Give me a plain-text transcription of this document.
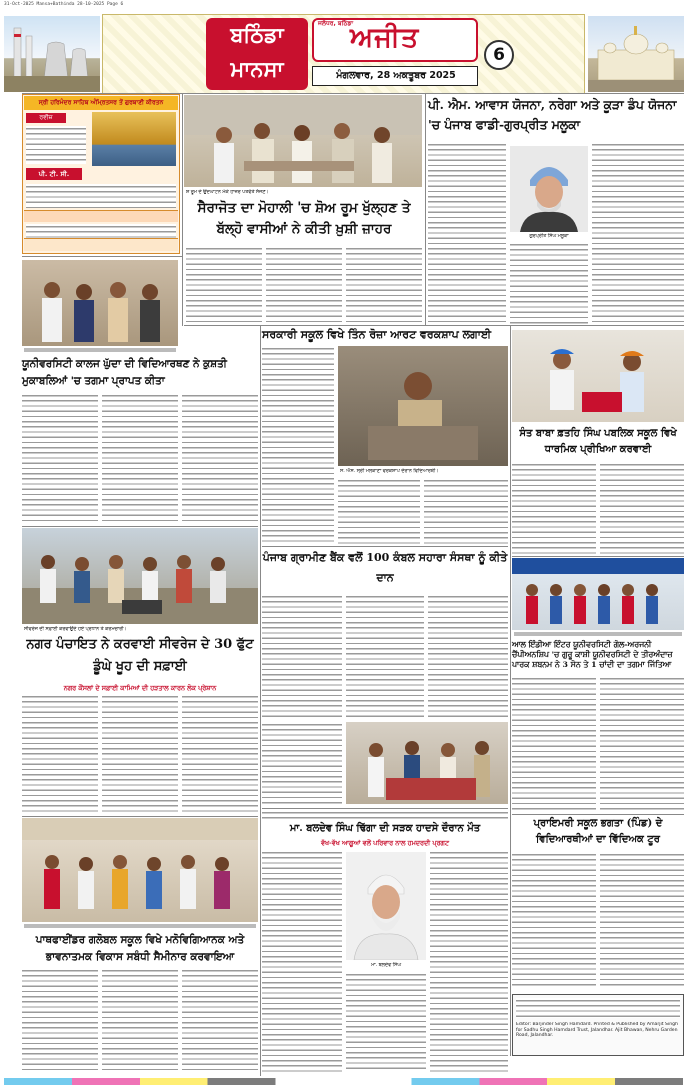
31-Oct-2025 Mansa+Bathinda 28-10-2025 Page 6
ਬਠਿੰਡਾ
ਮਾਨਸਾ
ਜਲੰਧਰ, ਬਠਿੰਡਾ
ਅਜੀਤ
ਮੰਗਲਵਾਰ, 28 ਅਕਤੂਬਰ 2025
6
ਸ੍ਰੀ ਹਰਿਮੰਦਰ ਸਾਹਿਬ ਅੰਮ੍ਰਿਤਸਰ ਤੋਂ ਗੁਰਬਾਣੀ ਕੀਰਤਨ
ਰਵੀਜ਼
ਪੀ. ਟੀ. ਸੀ.
ਸ਼ੋ ਰੂਮ ਦੇ ਉਦਘਾਟਨ ਮੌਕੇ ਹਾਜ਼ਰ ਪਤਵੰਤੇ ਸੱਜਣ।
ਸੈਰਾਜੋਤ ਦਾ ਮੋਹਾਲੀ 'ਚ ਸ਼ੋਅ ਰੂਮ ਖੁੱਲ੍ਹਣ ਤੇ ਬੱਲ੍ਹੋ ਵਾਸੀਆਂ ਨੇ ਕੀਤੀ ਖ਼ੁਸ਼ੀ ਜ਼ਾਹਰ
ਪੀ. ਐਮ. ਆਵਾਸ ਯੋਜਨਾ, ਨਰੇਗਾ ਅਤੇ ਕੂੜਾ ਡੰਪ ਯੋਜਨਾ 'ਚ ਪੰਜਾਬ ਫਾਡੀ-ਗੁਰਪ੍ਰੀਤ ਮਲੂਕਾ
ਗੁਰਪ੍ਰੀਤ ਸਿੰਘ ਮਲੂਕਾ
ਯੂਨੀਵਰਸਿਟੀ ਕਾਲਜ ਘੁੱਦਾ ਦੀ ਵਿਦਿਆਰਥਣ ਨੇ ਕੁਸ਼ਤੀ ਮੁਕਾਬਲਿਆਂ 'ਚ ਤਗਮਾ ਪ੍ਰਾਪਤ ਕੀਤਾ
ਸਰਕਾਰੀ ਸਕੂਲ ਵਿਖੇ ਤਿੰਨ ਰੋਜ਼ਾ ਆਰਟ ਵਰਕਸ਼ਾਪ ਲਗਾਈ
ਸ. ਐਸ. ਸ੍ਰੀ ਮਲਕਾਣਾ ਵਰਕਸ਼ਾਪ ਦੌਰਾਨ ਵਿਦਿਆਰਥੀ।
ਸੰਤ ਬਾਬਾ ਫ਼ਤਹਿ ਸਿੰਘ ਪਬਲਿਕ ਸਕੂਲ ਵਿਖੇ ਧਾਰਮਿਕ ਪ੍ਰੀਖਿਆ ਕਰਵਾਈ
ਸੀਵਰੇਜ ਦੀ ਸਫ਼ਾਈ ਕਰਵਾਉਂਦੇ ਹੋਏ ਪ੍ਰਧਾਨ ਤੇ ਕਰਮਚਾਰੀ।
ਪੰਜਾਬ ਗ੍ਰਾਮੀਣ ਬੈਂਕ ਵਲੋਂ 100 ਕੰਬਲ ਸਹਾਰਾ ਸੰਸਥਾ ਨੂੰ ਕੀਤੇ ਦਾਨ
ਨਗਰ ਪੰਚਾਇਤ ਨੇ ਕਰਵਾਈ ਸੀਵਰੇਜ ਦੇ 30 ਫੁੱਟ ਡੂੰਘੇ ਖੂਹ ਦੀ ਸਫ਼ਾਈ
ਨਗਰ ਕੌਂਸਲਾਂ ਦੇ ਸਫ਼ਾਈ ਕਾਮਿਆਂ ਦੀ ਹੜਤਾਲ ਕਾਰਨ ਲੋਕ ਪ੍ਰੇਸ਼ਾਨ
ਆਲ ਇੰਡੀਆ ਇੰਟਰ ਯੂਨੀਵਰਸਿਟੀ ਗੋਲ-ਅਰਜਨੀ ਚੈਂਪੀਅਨਸ਼ਿਪ 'ਚ ਗੁਰੂ ਕਾਸ਼ੀ ਯੂਨੀਵਰਸਿਟੀ ਦੇ ਤੀਰਅੰਦਾਜ਼ ਪਾਰਕ ਸ਼ਬਨਮ ਨੇ 3 ਸੋਨ ਤੇ 1 ਚਾਂਦੀ ਦਾ ਤਗਮਾ ਜਿੱਤਿਆ
ਪਾਥਫਾਈਂਡਰ ਗਲੋਬਲ ਸਕੂਲ ਵਿਖੇ ਮਨੋਵਿਗਿਆਨਕ ਅਤੇ ਭਾਵਨਾਤਮਕ ਵਿਕਾਸ ਸਬੰਧੀ ਸੈਮੀਨਾਰ ਕਰਵਾਇਆ
ਮਾ. ਬਲਦੇਵ ਸਿੰਘ ਢਿੱਗਾ ਦੀ ਸੜਕ ਹਾਦਸੇ ਦੌਰਾਨ ਮੌਤ
ਵੱਖ-ਵੱਖ ਆਗੂਆਂ ਵਲੋਂ ਪਰਿਵਾਰ ਨਾਲ ਹਮਦਰਦੀ ਪ੍ਰਗਟ
ਮਾ. ਬਲਦੇਵ ਸਿੰਘ
ਪ੍ਰਾਇਮਰੀ ਸਕੂਲ ਭਗਤਾ (ਪਿੰਡ) ਦੇ ਵਿਦਿਆਰਥੀਆਂ ਦਾ ਵਿੱਦਿਅਕ ਟੂਰ
Editor: Barjinder Singh Hamdard. Printed & Published by Amarjit Singh for Sadhu Singh Hamdard Trust, Jalandhar. Ajit Bhawan, Nehru Garden Road, Jalandhar.
